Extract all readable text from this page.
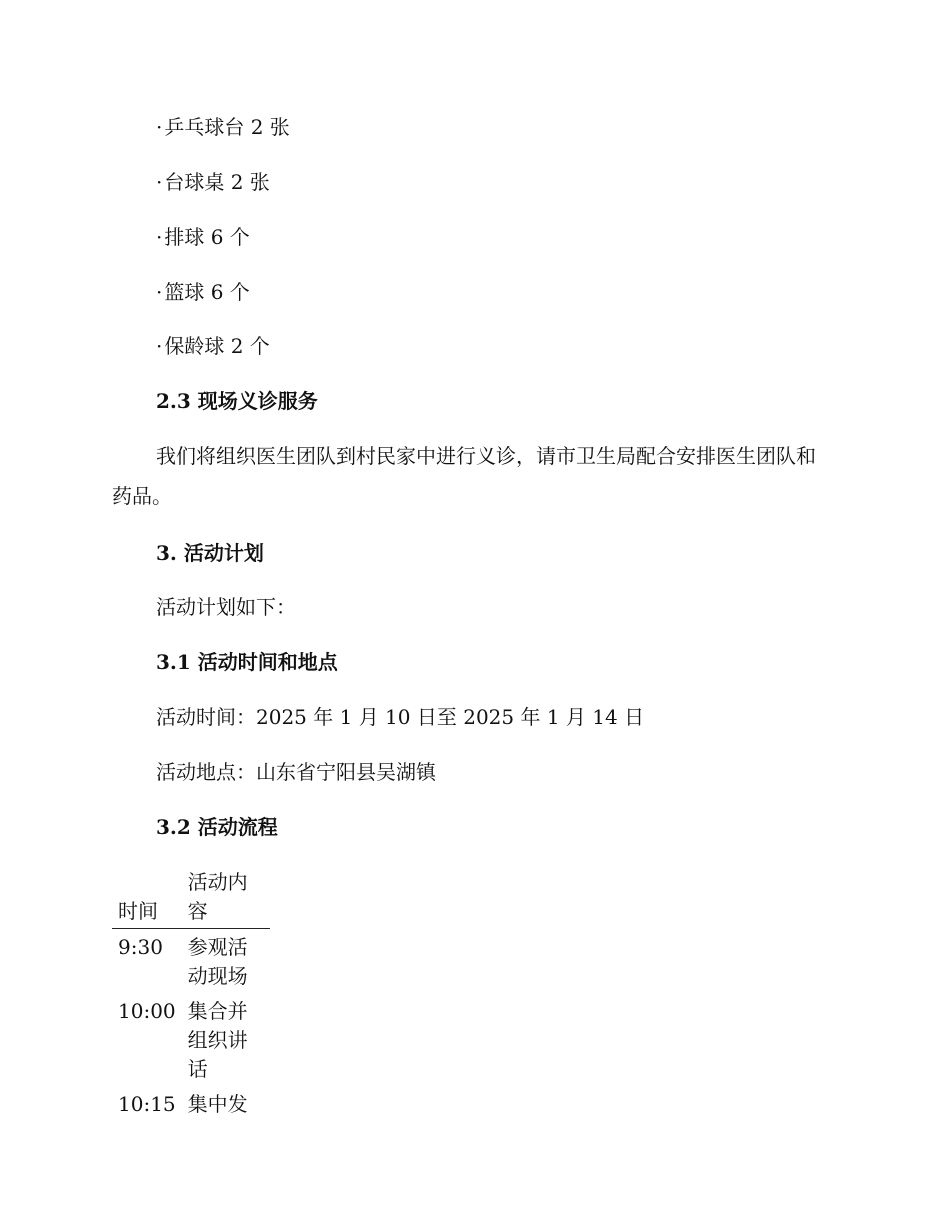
· 乒乓球台 2 张
· 台球桌 2 张
· 排球 6 个
· 篮球 6 个
· 保龄球 2 个
2.3 现场义诊服务
我们将组织医生团队到村民家中进行义诊，请市卫生局配合安排医生团队和药品。
3. 活动计划
活动计划如下：
3.1 活动时间和地点
活动时间：2025 年 1 月 10 日至 2025 年 1 月 14 日
活动地点：山东省宁阳县吴湖镇
3.2 活动流程
时间	活动内容
9:30	参观活动现场
10:00	集合并组织讲话
10:15	集中发
